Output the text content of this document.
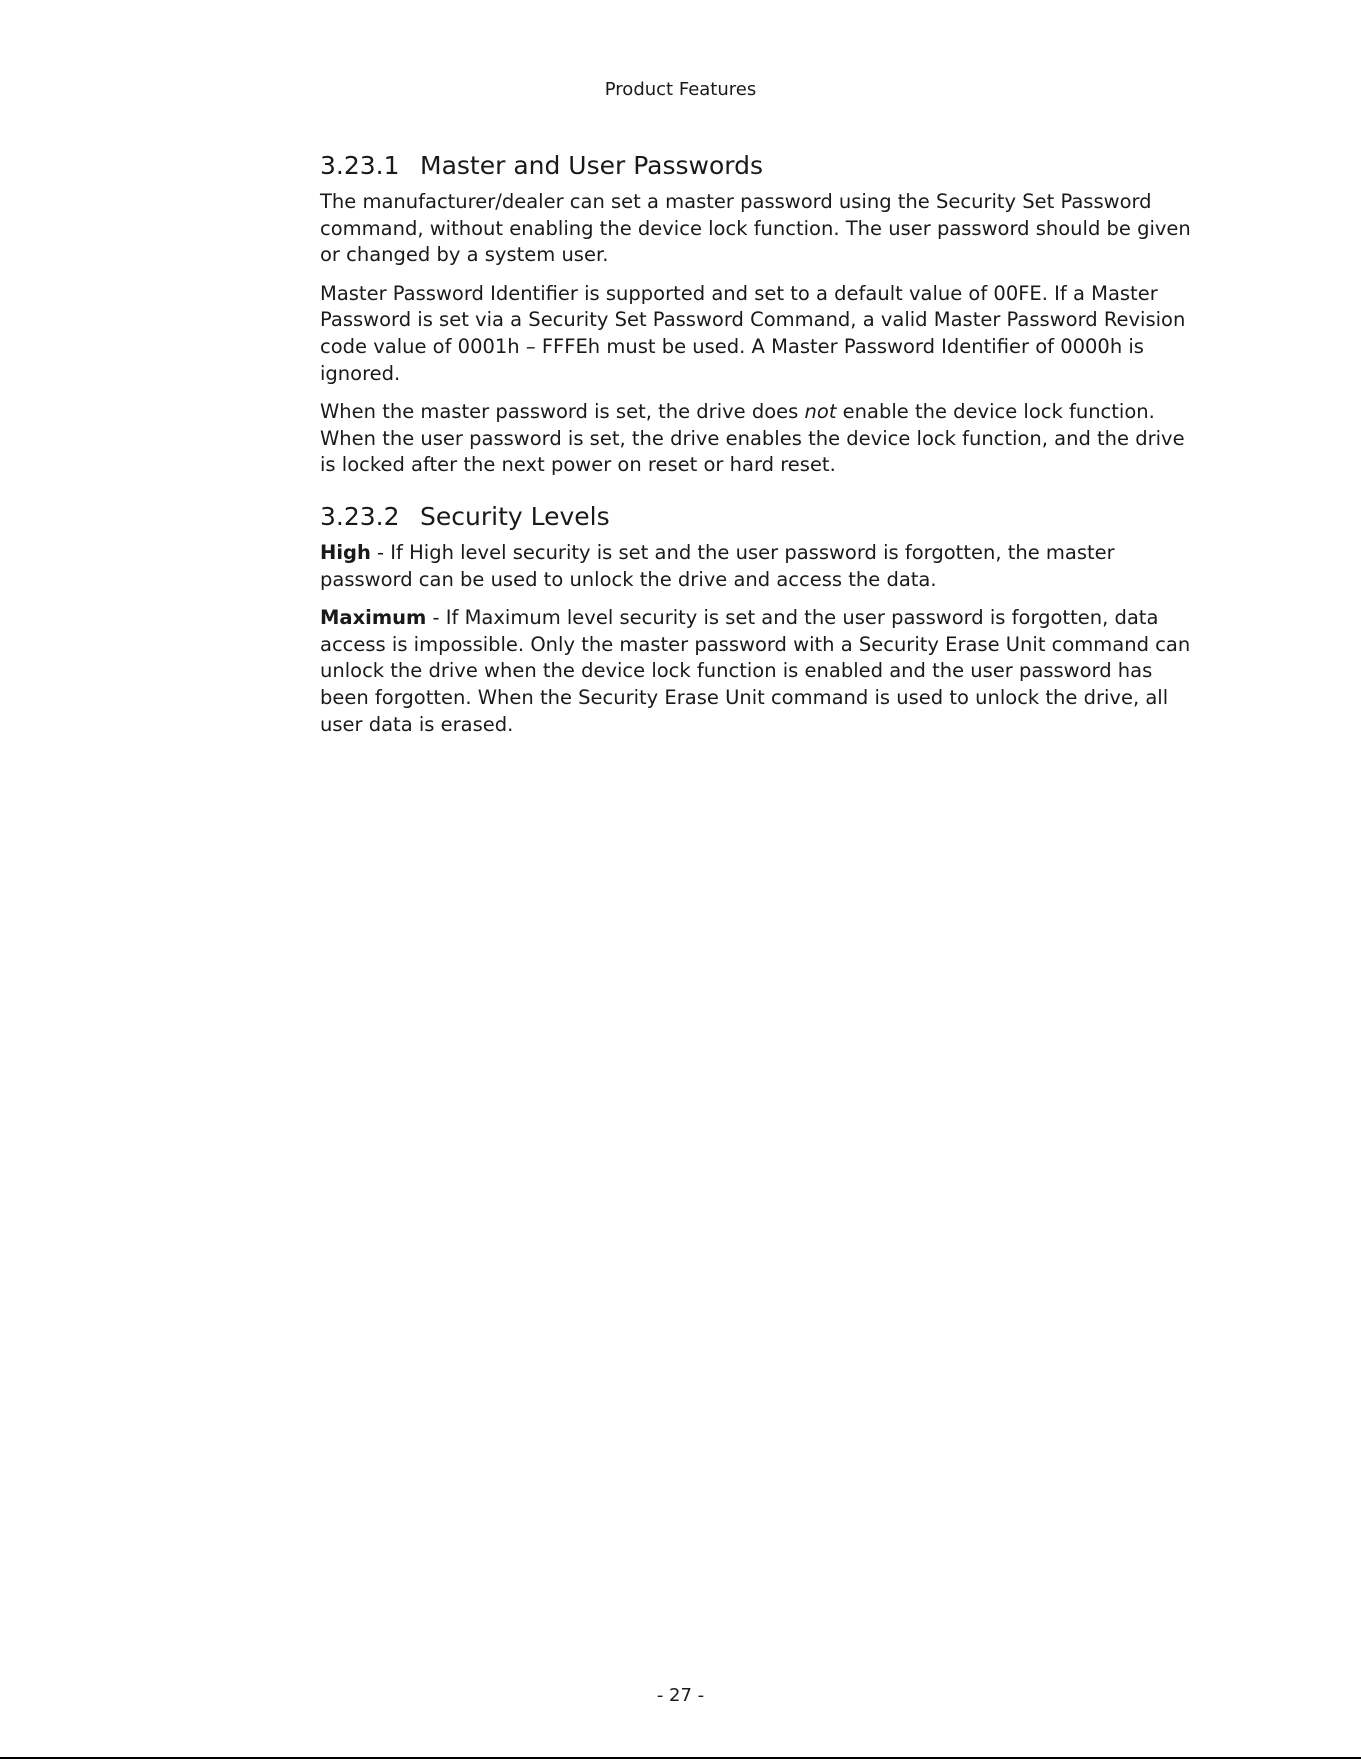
Product Features
3.23.1 Master and User Passwords

The manufacturer/dealer can set a master password using the Security Set Password command, without enabling the device lock function. The user password should be given or changed by a system user.

Master Password Identifier is supported and set to a default value of 00FE. If a Master Password is set via a Security Set Password Command, a valid Master Password Revision code value of 0001h – FFFEh must be used. A Master Password Identifier of 0000h is ignored.

When the master password is set, the drive does not enable the device lock function. When the user password is set, the drive enables the device lock function, and the drive is locked after the next power on reset or hard reset.

3.23.2 Security Levels

High - If High level security is set and the user password is forgotten, the master password can be used to unlock the drive and access the data.

Maximum - If Maximum level security is set and the user password is forgotten, data access is impossible. Only the master password with a Security Erase Unit command can unlock the drive when the device lock function is enabled and the user password has been forgotten. When the Security Erase Unit command is used to unlock the drive, all user data is erased.

- 27 -
